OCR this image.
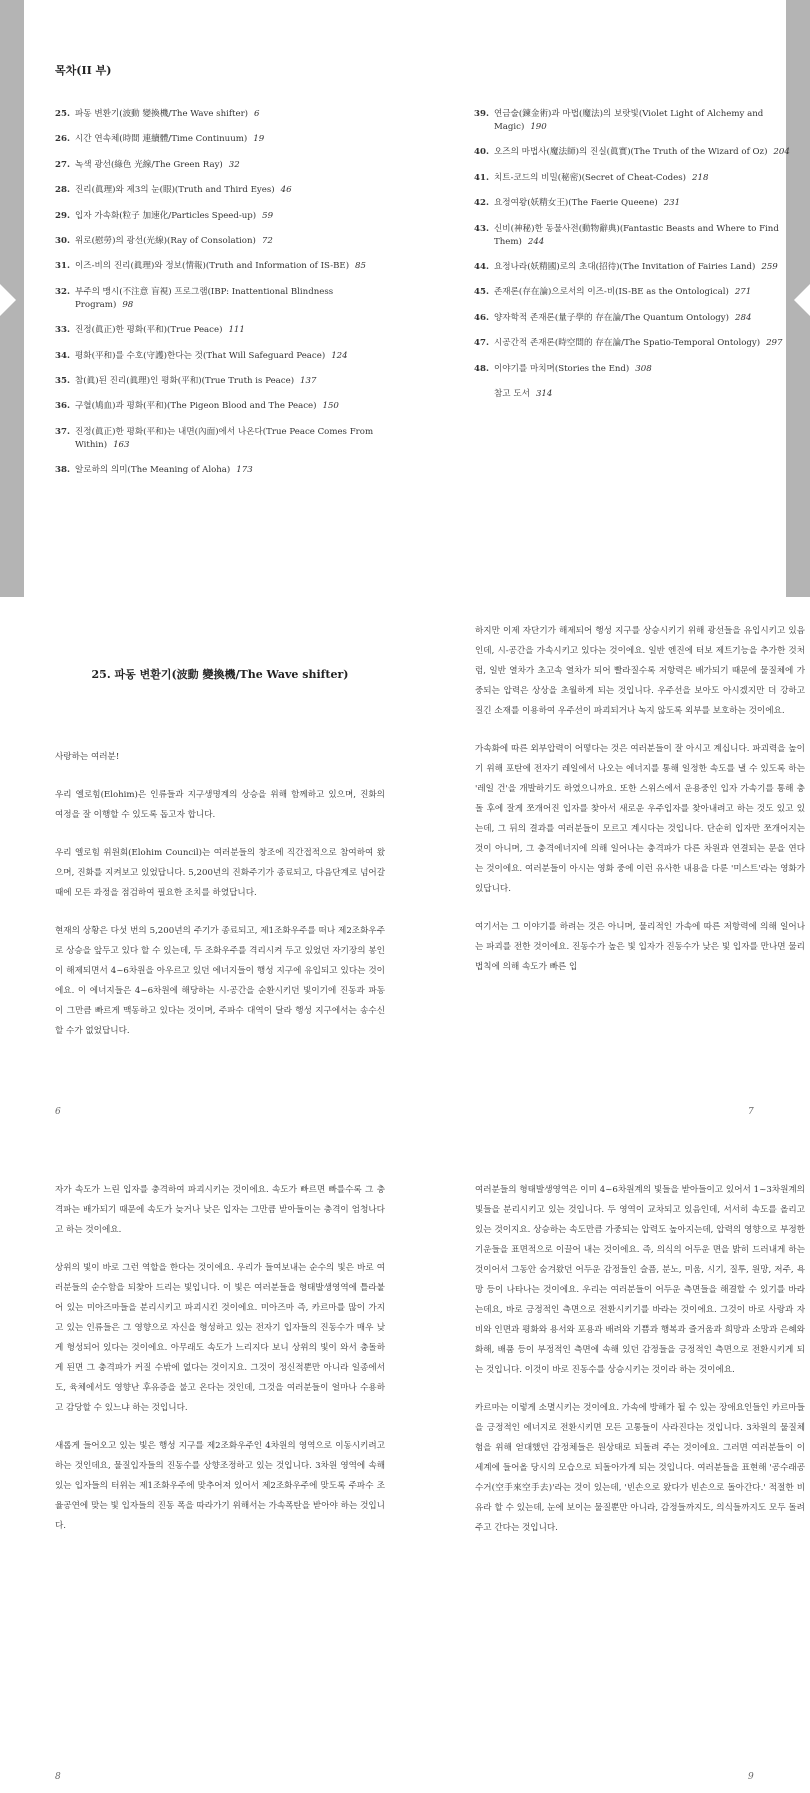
목차(II 부)
25. 파동 변환기(波動 變換機/The Wave shifter) 6
26. 시간 연속체(時間 連續體/Time Continuum) 19
27. 녹색 광선(綠色 光線/The Green Ray) 32
28. 진리(眞理)와 제3의 눈(眼)(Truth and Third Eyes) 46
29. 입자 가속화(粒子 加速化/Particles Speed-up) 59
30. 위로(慰勞)의 광선(光線)(Ray of Consolation) 72
31. 이즈-비의 진리(眞理)와 정보(情報)(Truth and Information of IS-BE) 85
32. 부주의 맹시(不注意 盲視) 프로그램(IBP: Inattentional Blindness Program) 98
33. 진정(眞正)한 평화(平和)(True Peace) 111
34. 평화(平和)를 수호(守護)한다는 것(That Will Safeguard Peace) 124
35. 참(眞)된 진리(眞理)인 평화(平和)(True Truth is Peace) 137
36. 구혈(鳩血)과 평화(平和)(The Pigeon Blood and The Peace) 150
37. 진정(眞正)한 평화(平和)는 내면(內面)에서 나온다(True Peace Comes From Within) 163
38. 알로하의 의미(The Meaning of Aloha) 173
39. 연금술(鍊金術)과 마법(魔法)의 보랏빛(Violet Light of Alchemy and Magic) 190
40. 오즈의 마법사(魔法師)의 진실(眞實)(The Truth of the Wizard of Oz) 204
41. 치트-코드의 비밀(秘密)(Secret of Cheat-Codes) 218
42. 요정여왕(妖精女王)(The Faerie Queene) 231
43. 신비(神秘)한 동물사전(動物辭典)(Fantastic Beasts and Where to Find Them) 244
44. 요정나라(妖精國)로의 초대(招待)(The Invitation of Fairies Land) 259
45. 존재론(存在論)으로서의 이즈-비(IS-BE as the Ontological) 271
46. 양자학적 존재론(量子學的 存在論/The Quantum Ontology) 284
47. 시공간적 존재론(時空間的 存在論/The Spatio-Temporal Ontology) 297
48. 이야기를 마치며(Stories the End) 308
참고 도서 314
25. 파동 변환기(波動 變換機/The Wave shifter)

사랑하는 여러분!

우리 엘로힘(Elohim)은 인류들과 지구생명계의 상승을 위해 함께하고 있으며, 진화의 여정을 잘 이행할 수 있도록 돕고자 합니다.

우리 엘로힘 위원회(Elohim Council)는 여러분들의 창조에 직간접적으로 참여하여 왔으며, 진화를 지켜보고 있었답니다. 5,200년의 진화주기가 종료되고, 다음단계로 넘어갈 때에 모든 과정을 점검하여 필요한 조치를 하였답니다.

현재의 상황은 다섯 번의 5,200년의 주기가 종료되고, 제1조화우주를 떠나 제2조화우주로 상승을 앞두고 있다 할 수 있는데, 두 조화우주를 격리시켜 두고 있었던 자기장의 봉인이 해제되면서 4~6차원을 아우르고 있던 에너지들이 행성 지구에 유입되고 있다는 것이에요. 이 에너지들은 4~6차원에 해당하는 시-공간을 순환시키던 빛이기에 진동과 파동이 그만큼 빠르게 맥동하고 있다는 것이며, 주파수 대역이 달라 행성 지구에서는 송수신할 수가 없었답니다.

6

하지만 이제 자단기가 해제되어 행성 지구를 상승시키기 위해 광선들을 유입시키고 있음인데, 시-공간을 가속시키고 있다는 것이에요. 일반 엔진에 터보 제트기능을 추가한 것처럼, 일반 열차가 초고속 열차가 되어 빨라질수록 저항력은 배가되기 때문에 물질체에 가중되는 압력은 상상을 초월하게 되는 것입니다. 우주선을 보아도 아시겠지만 더 강하고 질긴 소재를 이용하여 우주선이 파괴되거나 녹지 않도록 외부를 보호하는 것이에요.

가속화에 따른 외부압력이 어떻다는 것은 여러분들이 잘 아시고 계십니다. 파괴력을 높이기 위해 포탄에 전자기 레일에서 나오는 에너지를 통해 일정한 속도를 낼 수 있도록 하는 '레일 건'을 개발하기도 하였으니까요. 또한 스위스에서 운용중인 입자 가속기를 통해 충돌 후에 잘게 쪼개어진 입자를 찾아서 새로운 우주입자를 찾아내려고 하는 것도 있고 있는데, 그 뒤의 결과를 여러분들이 모르고 계시다는 것입니다. 단순히 입자만 쪼개어지는 것이 아니며, 그 충격에너지에 의해 일어나는 충격파가 다른 차원과 연결되는 문을 연다는 것이에요. 여러분들이 아시는 영화 중에 이런 유사한 내용을 다룬 '미스트'라는 영화가 있답니다.

여기서는 그 이야기를 하려는 것은 아니며, 물리적인 가속에 따른 저항력에 의해 일어나는 파괴를 전한 것이에요. 진동수가 높은 빛 입자가 진동수가 낮은 빛 입자를 만나면 물리법칙에 의해 속도가 빠른 입

7

자가 속도가 느린 입자를 충격하여 파괴시키는 것이에요. 속도가 빠르면 빠를수록 그 충격파는 배가되기 때문에 속도가 늦거나 낮은 입자는 그만큼 받아들이는 충격이 엄청나다고 하는 것이에요.

상위의 빛이 바로 그런 역할을 한다는 것이에요. 우리가 들여보내는 순수의 빛은 바로 여러분들의 순수함을 되찾아 드리는 빛입니다. 이 빛은 여러분들을 형태발생영역에 틀라붙어 있는 미아즈마들을 분리시키고 파괴시킨 것이에요. 미아즈마 즉, 카르마를 많이 가지고 있는 인류들은 그 영향으로 자신을 형성하고 있는 전자기 입자들의 진동수가 매우 낮게 형성되어 있다는 것이에요. 아무래도 속도가 느리지다 보니 상위의 빛이 와서 충돌하게 된면 그 충격파가 커질 수밖에 없다는 것이지요. 그것이 정신적뿐만 아니라 일종에서도, 육체에서도 영향난 후유증을 불고 온다는 것인데, 그것을 여러분들이 얼마나 수용하고 감당할 수 있느냐 하는 것입니다.

새롭게 들어오고 있는 빛은 행성 지구를 제2조화우주인 4차원의 영역으로 이동시키려고 하는 것인데요, 물질입자들의 진동수를 상향조정하고 있는 것입니다. 3차원 영역에 속해 있는 입자들의 터위는 제1조화우주에 맞추어져 있어서 제2조화우주에 맞도록 주파수 조율공연에 맞는 빛 입자들의 진동 폭을 따라가기 위해서는 가속폭탄을 받아야 하는 것입니다.

8

여러분들의 형태발생영역은 이미 4~6차원계의 빛들을 받아들이고 있어서 1~3차원계의 빛들을 분리시키고 있는 것입니다. 두 영역이 교차되고 있음인데, 서서히 속도를 올리고 있는 것이지요. 상승하는 속도만큼 가중되는 압력도 높아지는데, 압력의 영향으로 부정한 기운들을 표면적으로 이끌어 내는 것이에요. 즉, 의식의 어두운 면을 밝히 드러내게 하는 것이어서 그동안 숨겨왔던 어두운 감정들인 슬픔, 분노, 미움, 시기, 질투, 원망, 저주, 욕망 등이 나타나는 것이에요. 우리는 여러분들이 어두운 측면들을 해결할 수 있기를 바라는데요, 바로 긍정적인 측면으로 전환시키기를 바라는 것이에요. 그것이 바로 사랑과 자비와 인면과 평화와 용서와 포용과 배려와 기쁨과 행복과 즐거움과 희망과 소망과 은혜와 화해, 배품 등이 부정적인 측면에 속해 있던 감정들을 긍정적인 측면으로 전환시키게 되는 것입니다. 이것이 바로 진동수를 상승시키는 것이라 하는 것이에요.

카르마는 이렇게 소멸시키는 것이에요. 가속에 방해가 될 수 있는 장애요인들인 카르마들을 긍정적인 에너지로 전환시키면 모든 고통들이 사라진다는 것입니다. 3차원의 물질체험을 위해 얻대했던 감정체들은 원상태로 되돌려 주는 것이에요. 그러면 여러분들이 이 세계에 들어올 당시의 모습으로 되돌아가게 되는 것입니다. 여러분들을 표현해 '공수래공수거(空手來空手去)'라는 것이 있는데, '빈손으로 왔다가 빈손으로 돌아간다.' 적절한 비유라 할 수 있는데, 눈에 보이는 물질뿐만 아니라, 감정들까지도, 의식들까지도 모두 돌려주고 간다는 것입니다.

9
